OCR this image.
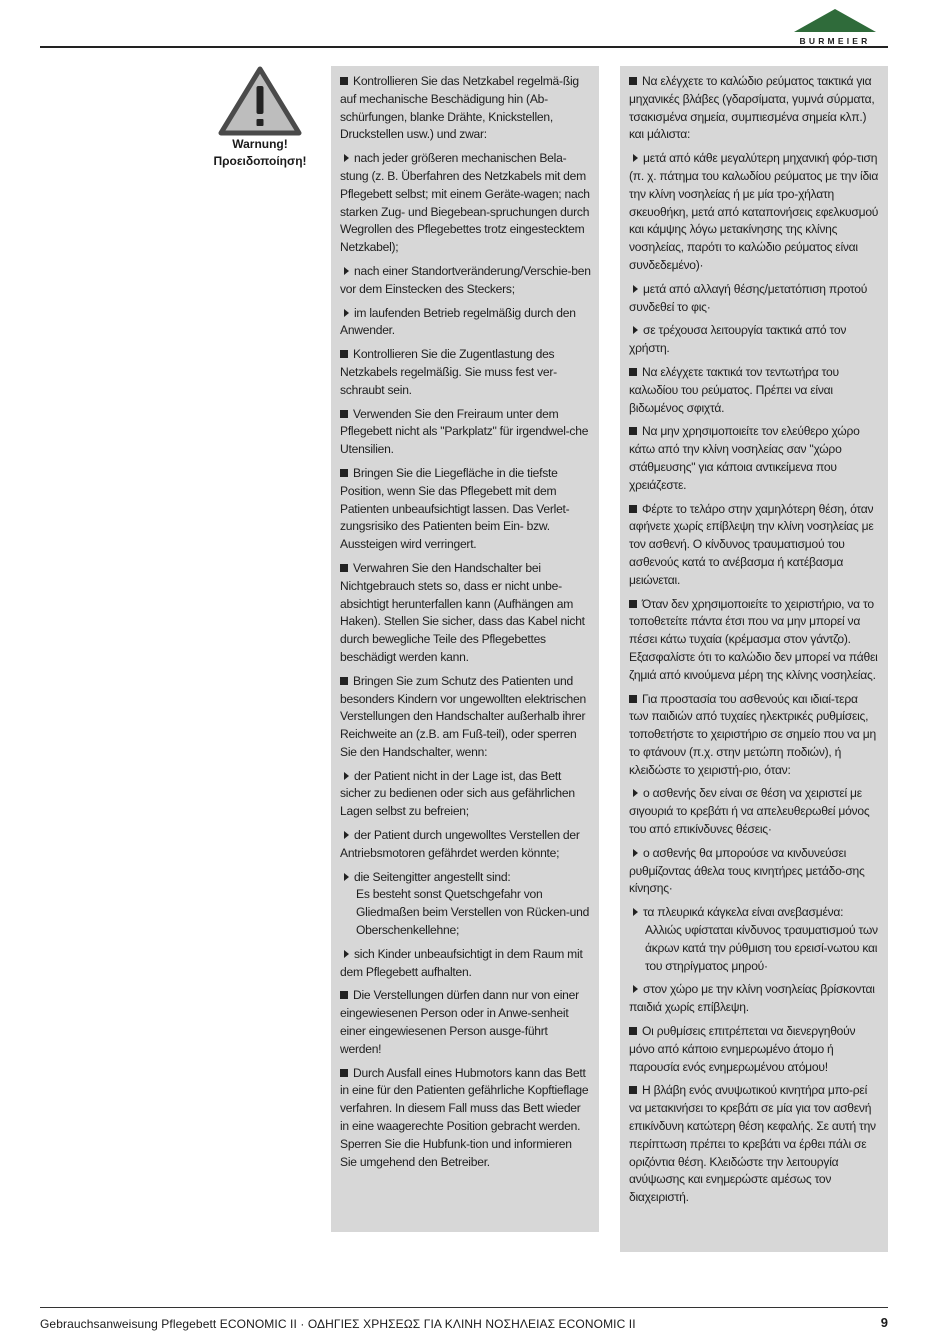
BURMEIER
Warnung!
Προειδοποίηση!

Kontrollieren Sie das Netzkabel regelmä-ßig auf mechanische Beschädigung hin (Ab-schürfungen, blanke Drähte, Knickstellen, Druckstellen usw.) und zwar:

nach jeder größeren mechanischen Bela-stung (z. B. Überfahren des Netzkabels mit dem Pflegebett selbst; mit einem Geräte-wagen; nach starken Zug- und Biegebean-spruchungen durch Wegrollen des Pflegebettes trotz eingestecktem Netzkabel);

nach einer Standortveränderung/Verschie-ben vor dem Einstecken des Steckers;

im laufenden Betrieb regelmäßig durch den Anwender.

Kontrollieren Sie die Zugentlastung des Netzkabels regelmäßig. Sie muss fest ver-schraubt sein.

Verwenden Sie den Freiraum unter dem Pflegebett nicht als "Parkplatz" für irgendwel-che Utensilien.

Bringen Sie die Liegefläche in die tiefste Position, wenn Sie das Pflegebett mit dem Patienten unbeaufsichtigt lassen. Das Verlet-zungsrisiko des Patienten beim Ein- bzw. Aussteigen wird verringert.

Verwahren Sie den Handschalter bei Nichtgebrauch stets so, dass er nicht unbe-absichtigt herunterfallen kann (Aufhängen am Haken). Stellen Sie sicher, dass das Kabel nicht durch bewegliche Teile des Pflegebettes beschädigt werden kann.

Bringen Sie zum Schutz des Patienten und besonders Kindern vor ungewollten elektrischen Verstellungen den Handschalter außerhalb ihrer Reichweite an (z.B. am Fuß-teil), oder sperren Sie den Handschalter, wenn:

der Patient nicht in der Lage ist, das Bett sicher zu bedienen oder sich aus gefährlichen Lagen selbst zu befreien;

der Patient durch ungewolltes Verstellen der Antriebsmotoren gefährdet werden könnte;

die Seitengitter angestellt sind:
Es besteht sonst Quetschgefahr von Gliedmaßen beim Verstellen von Rücken-und Oberschenkellehne;

sich Kinder unbeaufsichtigt in dem Raum mit dem Pflegebett aufhalten.

Die Verstellungen dürfen dann nur von einer eingewiesenen Person oder in Anwe-senheit einer eingewiesenen Person ausge-führt werden!

Durch Ausfall eines Hubmotors kann das Bett in eine für den Patienten gefährliche Kopftieflage verfahren. In diesem Fall muss das Bett wieder in eine waagerechte Position gebracht werden. Sperren Sie die Hubfunk-tion und informieren Sie umgehend den Betreiber.

Να ελέγχετε το καλώδιο ρεύματος τακτικά για μηχανικές βλάβες (γδαρσίματα, γυμνά σύρματα, τσακισμένα σημεία, συμπιεσμένα σημεία κλπ.) και μάλιστα:

μετά από κάθε μεγαλύτερη μηχανική φόρ-τιση (π. χ. πάτημα του καλωδίου ρεύματος με την ίδια την κλίνη νοσηλείας ή με μία τρο-χήλατη σκευοθήκη, μετά από καταπονήσεις εφελκυσμού και κάμψης λόγω μετακίνησης της κλίνης νοσηλείας, παρότι το καλώδιο ρεύματος είναι συνδεδεμένο)·

μετά από αλλαγή θέσης/μετατόπιση προτού συνδεθεί το φις·

σε τρέχουσα λειτουργία τακτικά από τον χρήστη.

Να ελέγχετε τακτικά τον τεντωτήρα του καλωδίου του ρεύματος. Πρέπει να είναι βιδωμένος σφιχτά.

Να μην χρησιμοποιείτε τον ελεύθερο χώρο κάτω από την κλίνη νοσηλείας σαν "χώρο στάθμευσης" για κάποια αντικείμενα που χρειάζεστε.

Φέρτε το τελάρο στην χαμηλότερη θέση, όταν αφήνετε χωρίς επίβλεψη την κλίνη νοσηλείας με τον ασθενή. Ο κίνδυνος τραυματισμού του ασθενούς κατά το ανέβασμα ή κατέβασμα μειώνεται.

Όταν δεν χρησιμοποιείτε το χειριστήριο, να το τοποθετείτε πάντα έτσι που να μην μπορεί να πέσει κάτω τυχαία (κρέμασμα στον γάντζο). Εξασφαλίστε ότι το καλώδιο δεν μπορεί να πάθει ζημιά από κινούμενα μέρη της κλίνης νοσηλείας.

Για προστασία του ασθενούς και ιδιαί-τερα των παιδιών από τυχαίες ηλεκτρικές ρυθμίσεις, τοποθετήστε το χειριστήριο σε σημείο που να μη το φτάνουν (π.χ. στην μετώπη ποδιών), ή κλειδώστε το χειριστή-ριο, όταν:

ο ασθενής δεν είναι σε θέση να χειριστεί με σιγουριά το κρεβάτι ή να απελευθερωθεί μόνος του από επικίνδυνες θέσεις·

ο ασθενής θα μπορούσε να κινδυνεύσει ρυθμίζοντας άθελα τους κινητήρες μετάδο-σης κίνησης·

τα πλευρικά κάγκελα είναι ανεβασμένα:
Αλλιώς υφίσταται κίνδυνος τραυματισμού των άκρων κατά την ρύθμιση του ερεισί-νωτου και του στηρίγματος μηρού·

στον χώρο με την κλίνη νοσηλείας βρίσκονται παιδιά χωρίς επίβλεψη.

Οι ρυθμίσεις επιτρέπεται να διενεργηθούν μόνο από κάποιο ενημερωμένο άτομο ή παρουσία ενός ενημερωμένου ατόμου!

Η βλάβη ενός ανυψωτικού κινητήρα μπο-ρεί να μετακινήσει το κρεβάτι σε μία για τον ασθενή επικίνδυνη κατώτερη θέση κεφαλής. Σε αυτή την περίπτωση πρέπει το κρεβάτι να έρθει πάλι σε οριζόντια θέση. Κλειδώστε την λειτουργία ανύψωσης και ενημερώστε αμέσως τον διαχειριστή.

Gebrauchsanweisung Pflegebett ECONOMIC II · ΟΔΗΓΙΕΣ ΧΡΗΣΕΩΣ ΓΙΑ ΚΛΙΝΗ ΝΟΣΗΛΕΙΑΣ ECONOMIC II	9
